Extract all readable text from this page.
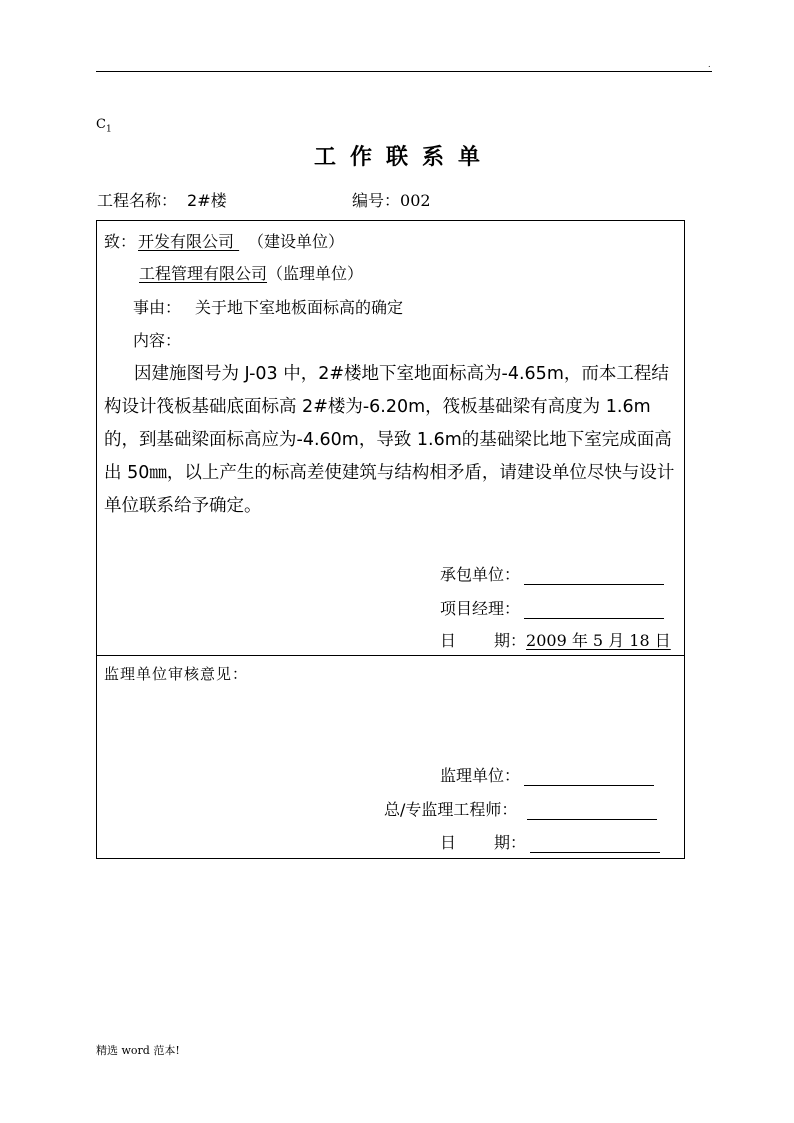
.
$C_1$
工作联系单
工程名称： 2#楼	编号：002
致： 开发有限公司 （建设单位）
工程管理有限公司（监理单位）
事由： 关于地下室地板面标高的确定
内容：
因建施图号为 J-03 中，2#楼地下室地面标高为-4.65m，而本工程结构设计筏板基础底面标高 2#楼为-6.20m，筏板基础梁有高度为 1.6m的，到基础梁面标高应为-4.60m，导致 1.6m的基础梁比地下室完成面高出 50㎜，以上产生的标高差使建筑与结构相矛盾，请建设单位尽快与设计单位联系给予确定。
承包单位：
项目经理：
日 期：2009 年 5 月 18 日
监理单位审核意见：
监理单位：
总/专监理工程师：
日 期：
精选 word 范本!
